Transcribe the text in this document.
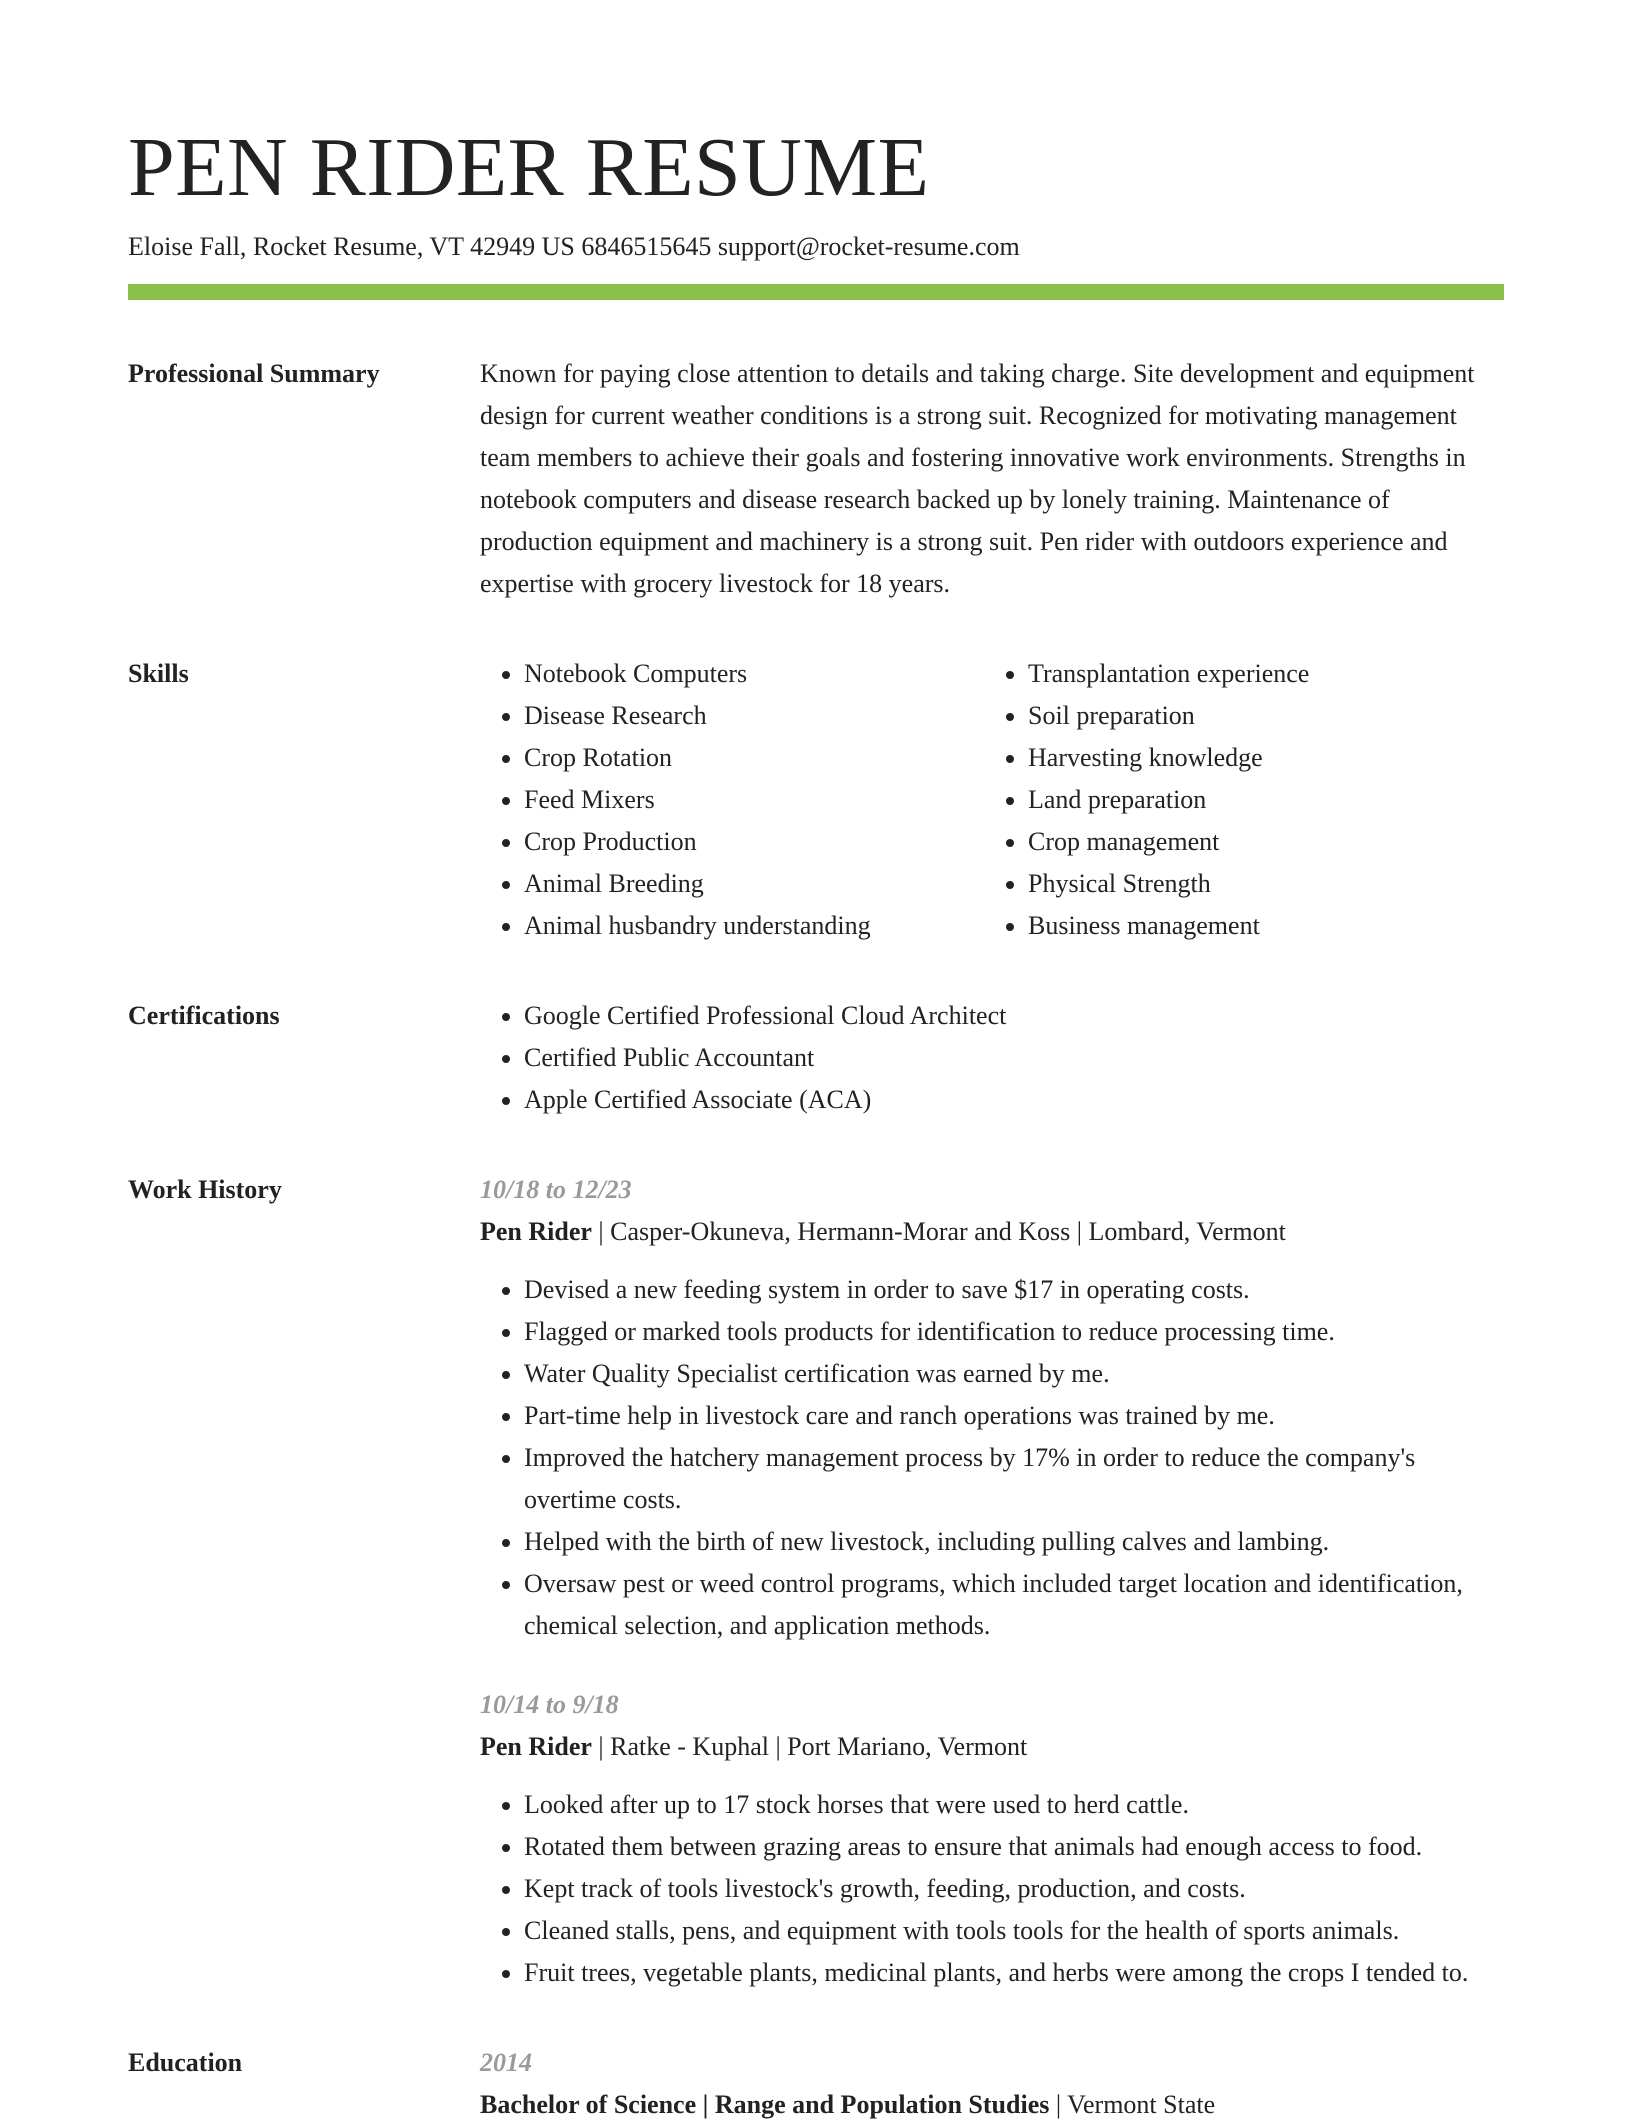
PEN RIDER RESUME
Eloise Fall, Rocket Resume, VT 42949 US 6846515645 support@rocket-resume.com
Professional Summary	Known for paying close attention to details and taking charge. Site development and equipment design for current weather conditions is a strong suit. Recognized for motivating management team members to achieve their goals and fostering innovative work environments. Strengths in notebook computers and disease research backed up by lonely training. Maintenance of production equipment and machinery is a strong suit. Pen rider with outdoors experience and expertise with grocery livestock for 18 years.

Skills	• Notebook Computers
• Disease Research
• Crop Rotation
• Feed Mixers
• Crop Production
• Animal Breeding
• Animal husbandry understanding
• Transplantation experience
• Soil preparation
• Harvesting knowledge
• Land preparation
• Crop management
• Physical Strength
• Business management
Certifications	• Google Certified Professional Cloud Architect
• Certified Public Accountant
• Apple Certified Associate (ACA)
Work History	10/18 to 12/23
Pen Rider | Casper-Okuneva, Hermann-Morar and Koss | Lombard, Vermont
• Devised a new feeding system in order to save $17 in operating costs.
• Flagged or marked tools products for identification to reduce processing time.
• Water Quality Specialist certification was earned by me.
• Part-time help in livestock care and ranch operations was trained by me.
• Improved the hatchery management process by 17% in order to reduce the company's overtime costs.
• Helped with the birth of new livestock, including pulling calves and lambing.
• Oversaw pest or weed control programs, which included target location and identification, chemical selection, and application methods.
10/14 to 9/18
Pen Rider | Ratke - Kuphal | Port Mariano, Vermont
• Looked after up to 17 stock horses that were used to herd cattle.
• Rotated them between grazing areas to ensure that animals had enough access to food.
• Kept track of tools livestock's growth, feeding, production, and costs.
• Cleaned stalls, pens, and equipment with tools tools for the health of sports animals.
• Fruit trees, vegetable plants, medicinal plants, and herbs were among the crops I tended to.
Education	2014
Bachelor of Science | Range and Population Studies | Vermont State
